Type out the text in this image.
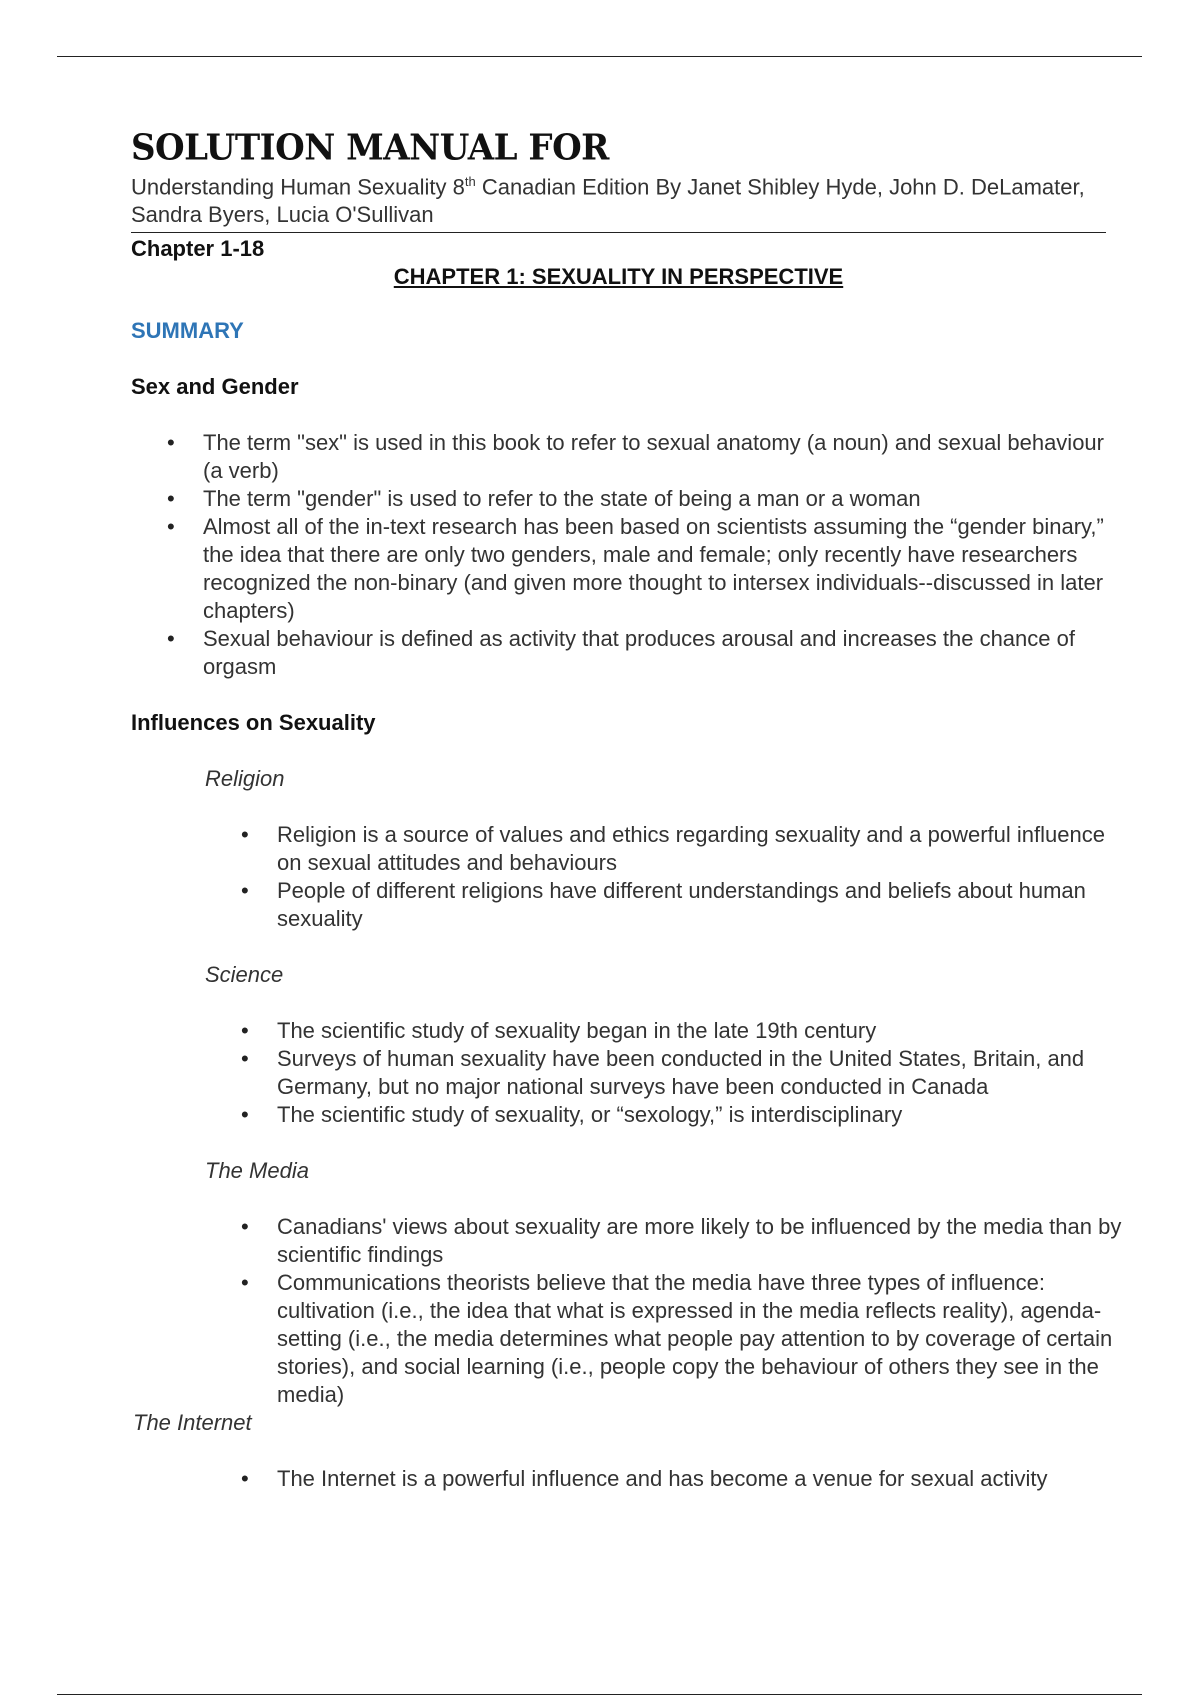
SOLUTION MANUAL FOR

Understanding Human Sexuality 8th Canadian Edition By Janet Shibley Hyde, John D. DeLamater, Sandra Byers, Lucia O'Sullivan

Chapter 1-18
CHAPTER 1: SEXUALITY IN PERSPECTIVE
SUMMARY
Sex and Gender
• The term "sex" is used in this book to refer to sexual anatomy (a noun) and sexual behaviour (a verb)
• The term "gender" is used to refer to the state of being a man or a woman
• Almost all of the in-text research has been based on scientists assuming the “gender binary,” the idea that there are only two genders, male and female; only recently have researchers recognized the non-binary (and given more thought to intersex individuals--discussed in later chapters)
• Sexual behaviour is defined as activity that produces arousal and increases the chance of orgasm
Influences on Sexuality
Religion
• Religion is a source of values and ethics regarding sexuality and a powerful influence on sexual attitudes and behaviours
• People of different religions have different understandings and beliefs about human sexuality
Science
• The scientific study of sexuality began in the late 19th century
• Surveys of human sexuality have been conducted in the United States, Britain, and Germany, but no major national surveys have been conducted in Canada
• The scientific study of sexuality, or “sexology,” is interdisciplinary
The Media
• Canadians' views about sexuality are more likely to be influenced by the media than by scientific findings
• Communications theorists believe that the media have three types of influence: cultivation (i.e., the idea that what is expressed in the media reflects reality), agenda-setting (i.e., the media determines what people pay attention to by coverage of certain stories), and social learning (i.e., people copy the behaviour of others they see in the media)
The Internet
• The Internet is a powerful influence and has become a venue for sexual activity
